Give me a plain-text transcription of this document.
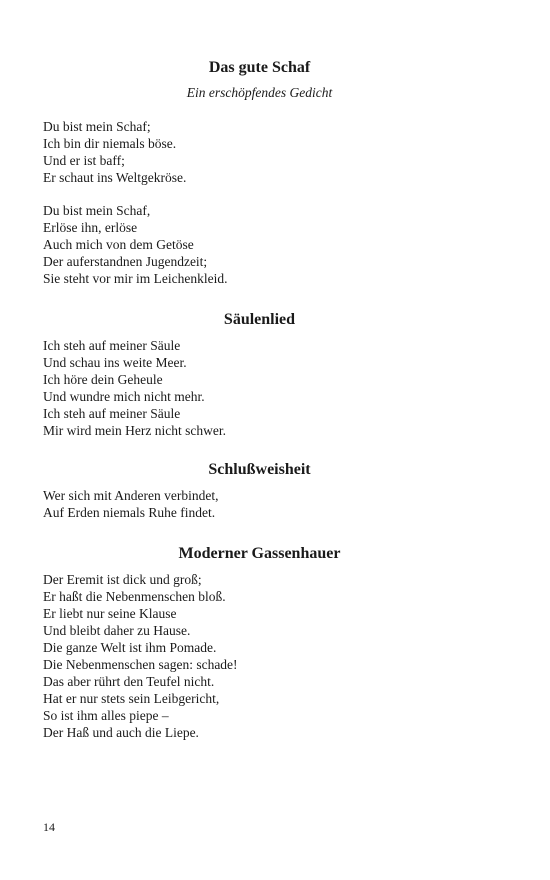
Das gute Schaf

Ein erschöpfendes Gedicht

Du bist mein Schaf;
Ich bin dir niemals böse.
Und er ist baff;
Er schaut ins Weltgekröse.
Du bist mein Schaf,
Erlöse ihn, erlöse
Auch mich von dem Getöse
Der auferstandnen Jugendzeit;
Sie steht vor mir im Leichenkleid.
Säulenlied
Ich steh auf meiner Säule
Und schau ins weite Meer.
Ich höre dein Geheule
Und wundre mich nicht mehr.
Ich steh auf meiner Säule
Mir wird mein Herz nicht schwer.
Schlußweisheit
Wer sich mit Anderen verbindet,
Auf Erden niemals Ruhe findet.
Moderner Gassenhauer
Der Eremit ist dick und groß;
Er haßt die Nebenmenschen bloß.
Er liebt nur seine Klause
Und bleibt daher zu Hause.
Die ganze Welt ist ihm Pomade.
Die Nebenmenschen sagen: schade!
Das aber rührt den Teufel nicht.
Hat er nur stets sein Leibgericht,
So ist ihm alles piepe –
Der Haß und auch die Liepe.
14
